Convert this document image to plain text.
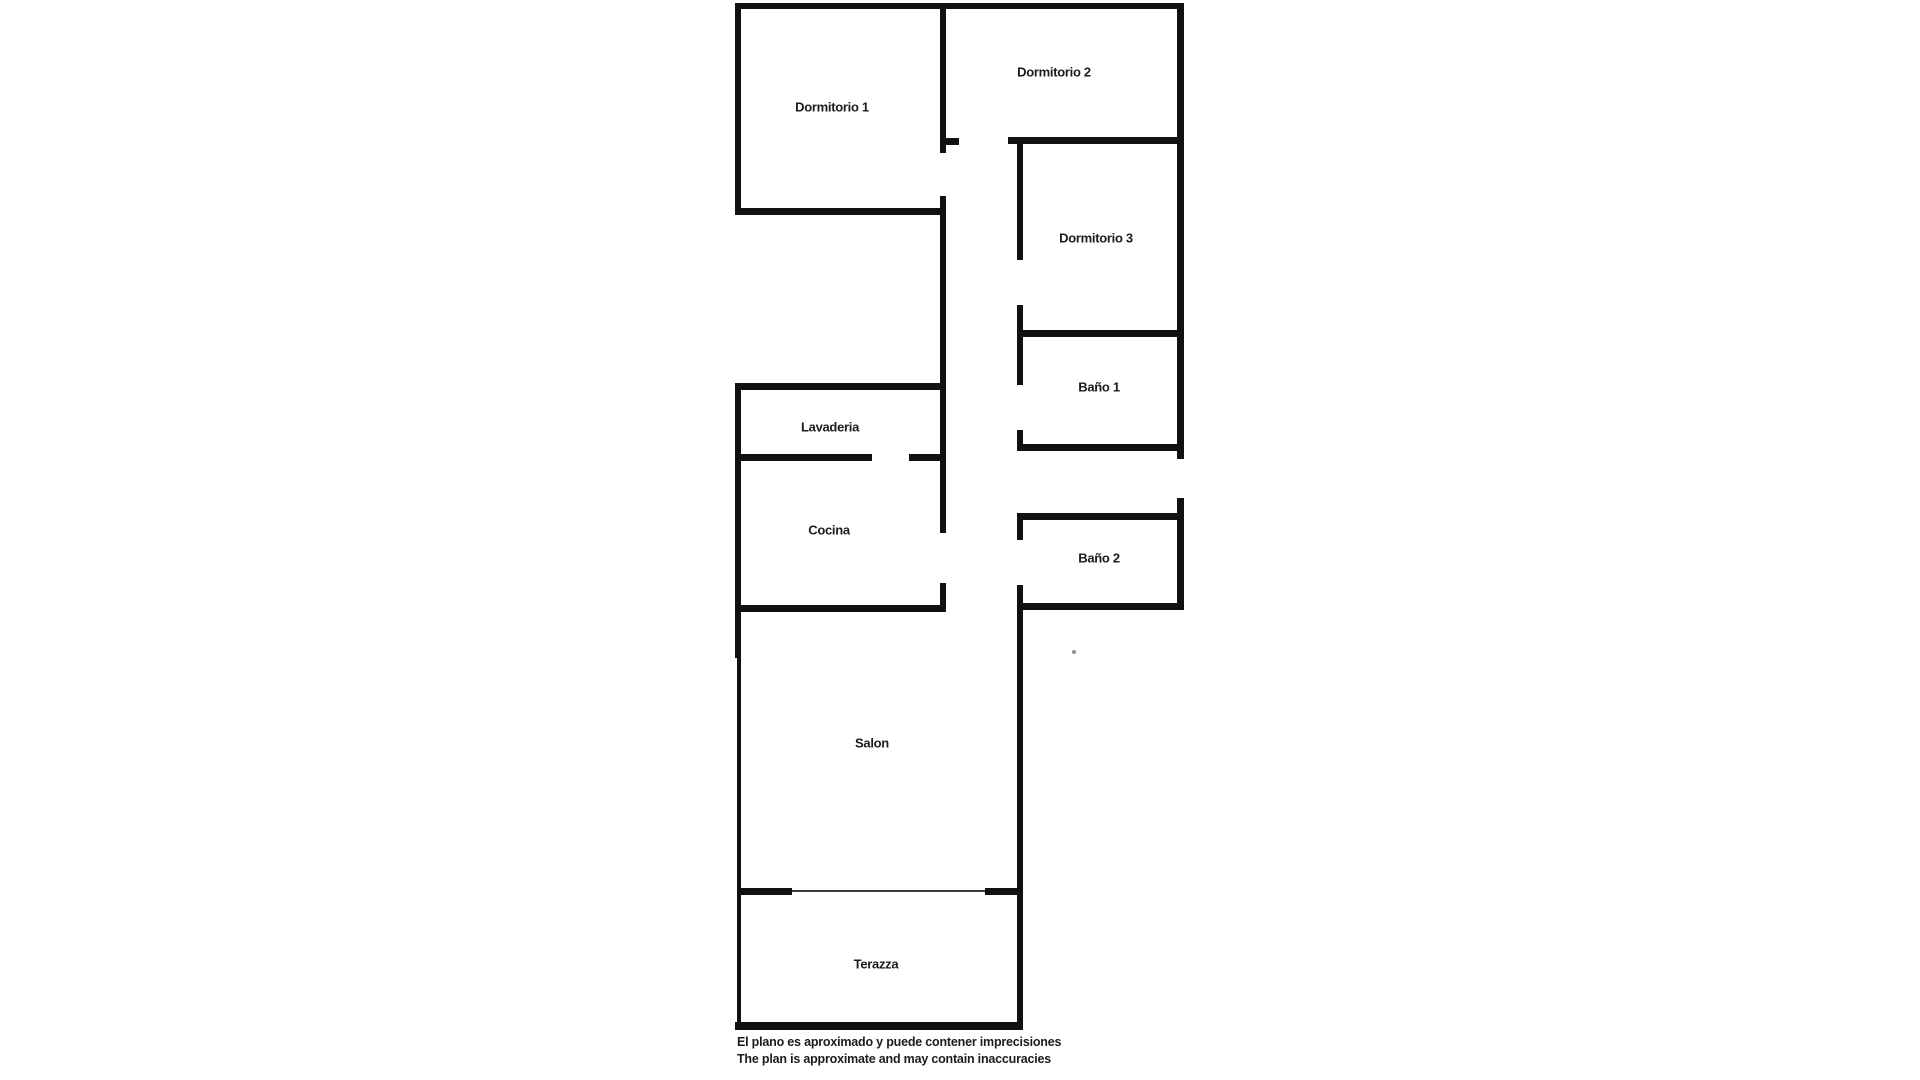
Dormitorio 1
Dormitorio 2
Dormitorio 3
Baño 1
Baño 2
Lavaderia
Cocina
Salon
Terazza
El plano es aproximado y puede contener imprecisiones
The plan is approximate and may contain inaccuracies
